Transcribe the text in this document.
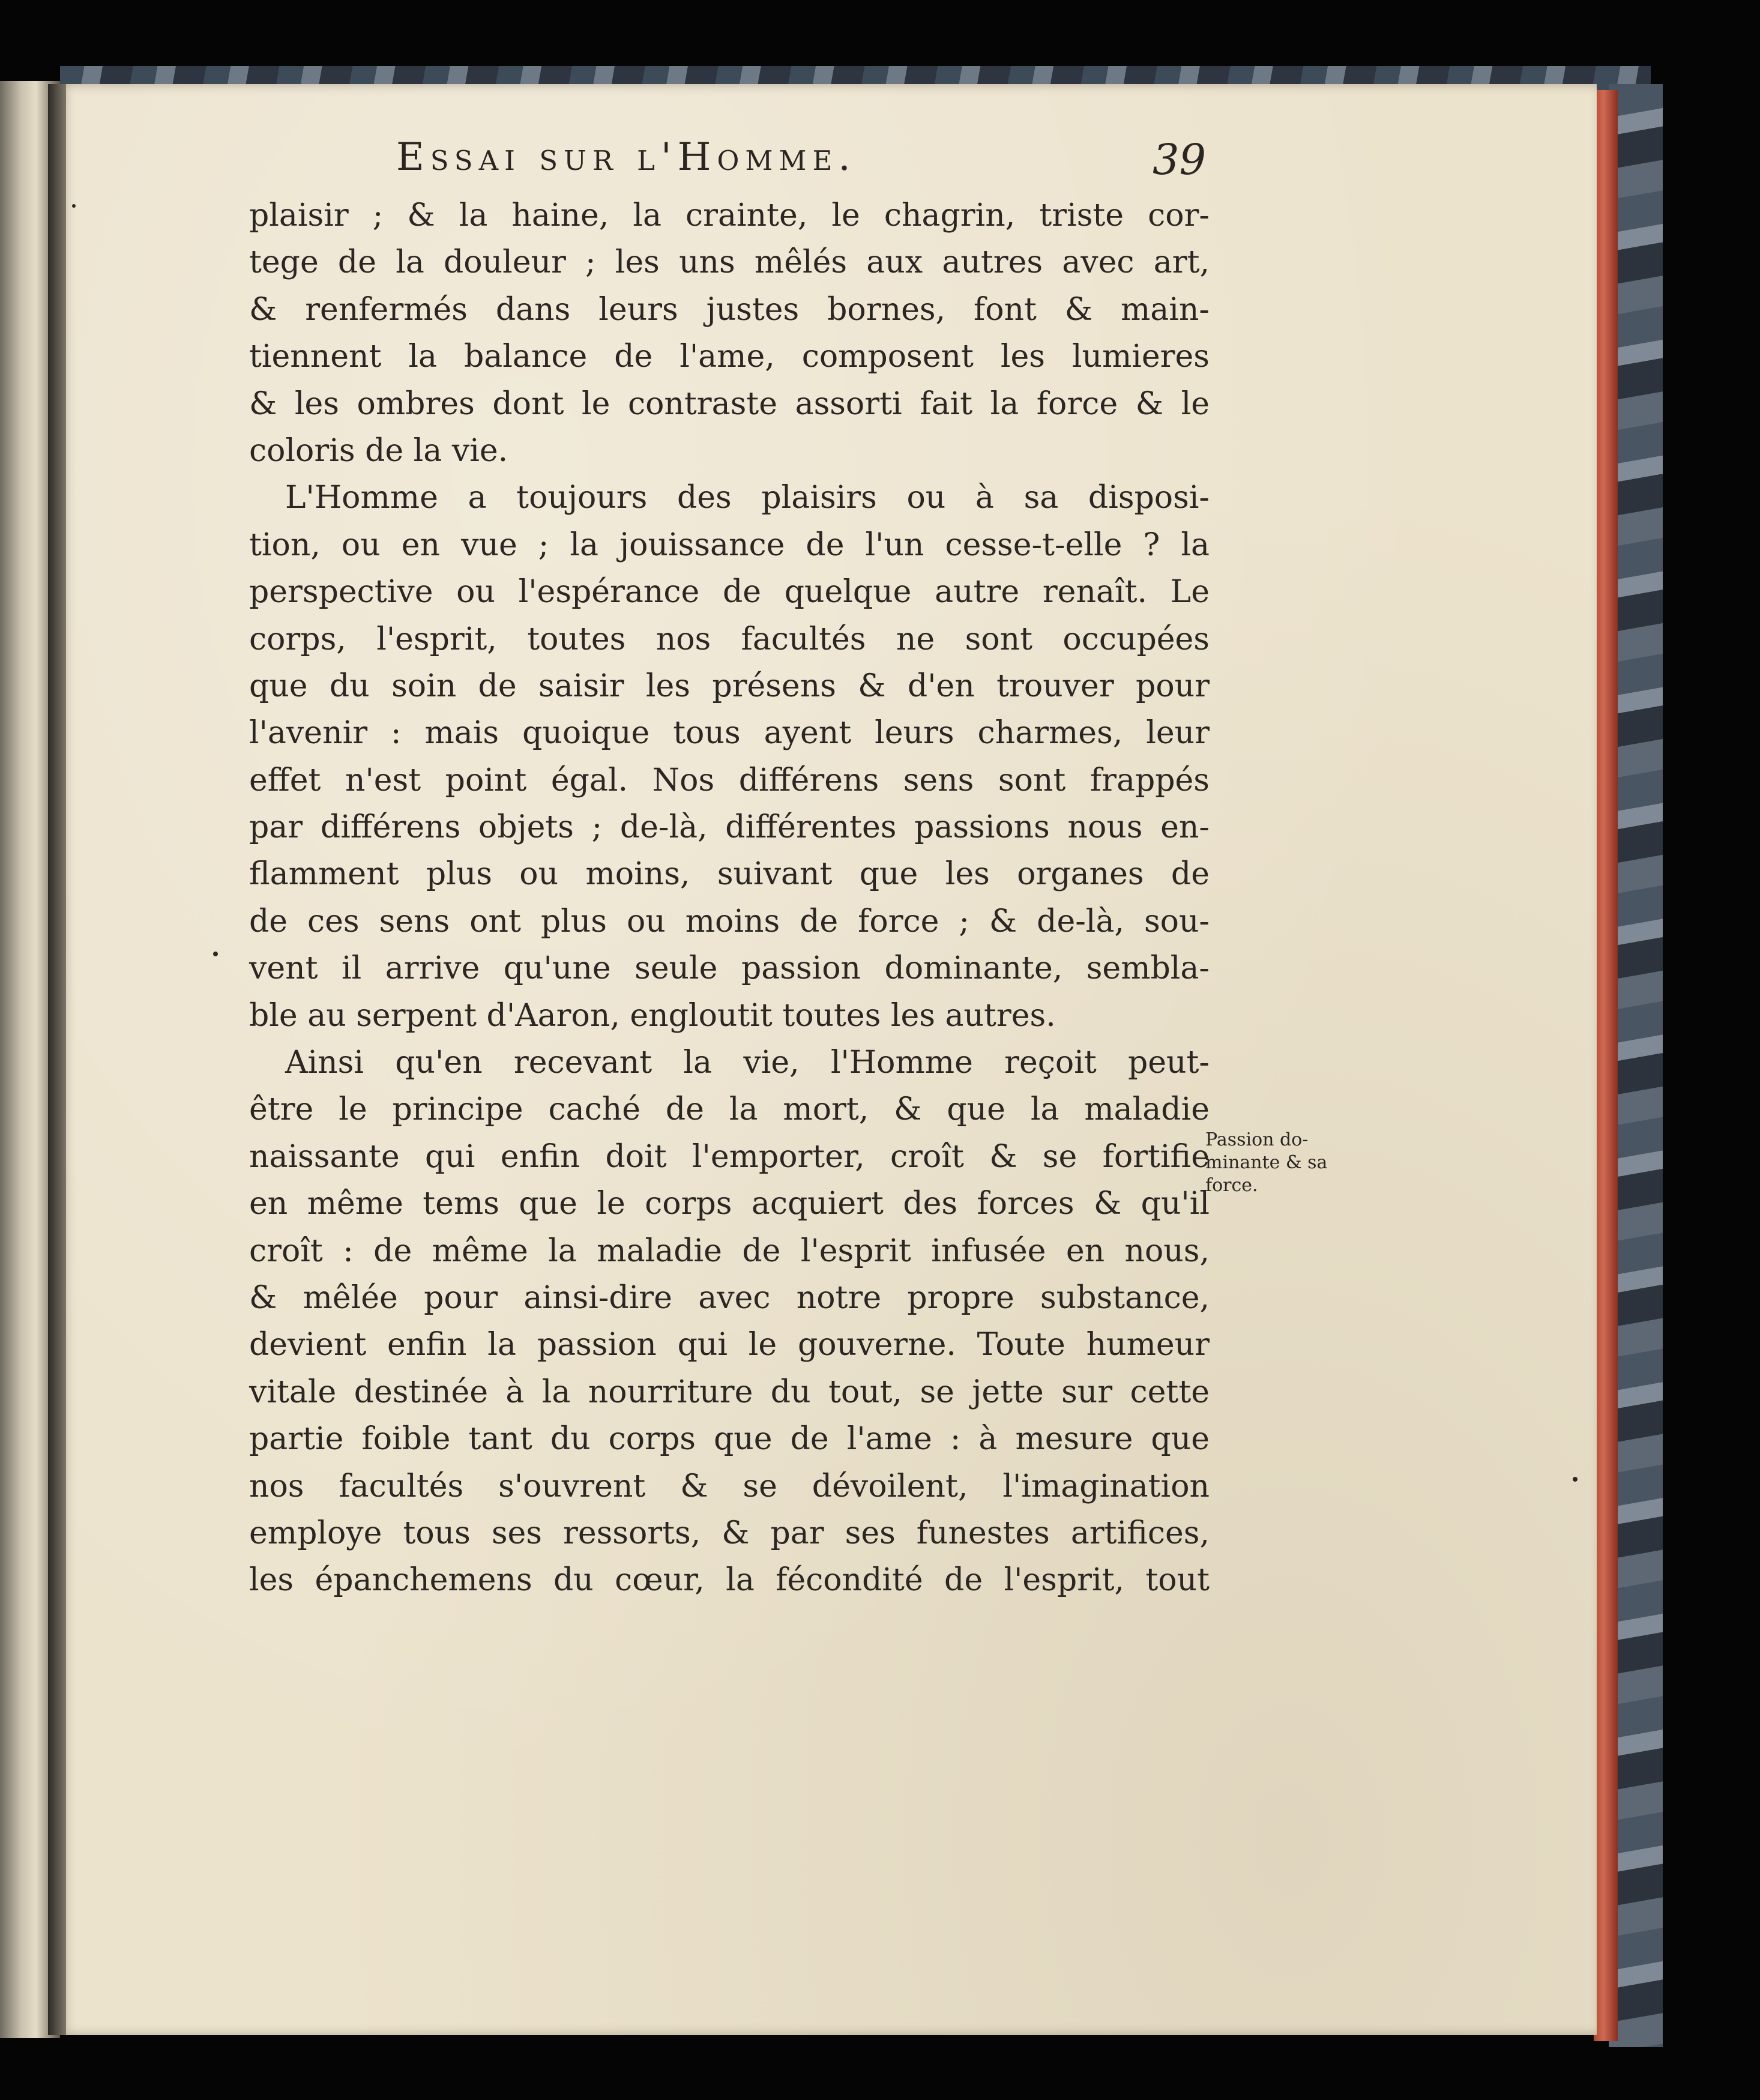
Essai sur l'Homme.	39
plaisir ; & la haine, la crainte, le chagrin, triste cor-
tege de la douleur ; les uns mêlés aux autres avec art,
& renfermés dans leurs justes bornes, font & main-
tiennent la balance de l'ame, composent les lumieres
& les ombres dont le contraste assorti fait la force & le
coloris de la vie.
L'Homme a toujours des plaisirs ou à sa disposi-
tion, ou en vue ; la jouissance de l'un cesse-t-elle ? la
perspective ou l'espérance de quelque autre renaît. Le
corps, l'esprit, toutes nos facultés ne sont occupées
que du soin de saisir les présens & d'en trouver pour
l'avenir : mais quoique tous ayent leurs charmes, leur
effet n'est point égal. Nos différens sens sont frappés
par différens objets ; de-là, différentes passions nous en-
flamment plus ou moins, suivant que les organes de
de ces sens ont plus ou moins de force ; & de-là, sou-
vent il arrive qu'une seule passion dominante, sembla-
ble au serpent d'Aaron, engloutit toutes les autres.
Ainsi qu'en recevant la vie, l'Homme reçoit peut-
être le principe caché de la mort, & que la maladie
naissante qui enfin doit l'emporter, croît & se fortifie
en même tems que le corps acquiert des forces & qu'il
croît : de même la maladie de l'esprit infusée en nous,
& mêlée pour ainsi-dire avec notre propre substance,
devient enfin la passion qui le gouverne. Toute humeur
vitale destinée à la nourriture du tout, se jette sur cette
partie foible tant du corps que de l'ame : à mesure que
nos facultés s'ouvrent & se dévoilent, l'imagination
employe tous ses ressorts, & par ses funestes artifices,
les épanchemens du cœur, la fécondité de l'esprit, tout
Passion do-
minante & sa
force.
